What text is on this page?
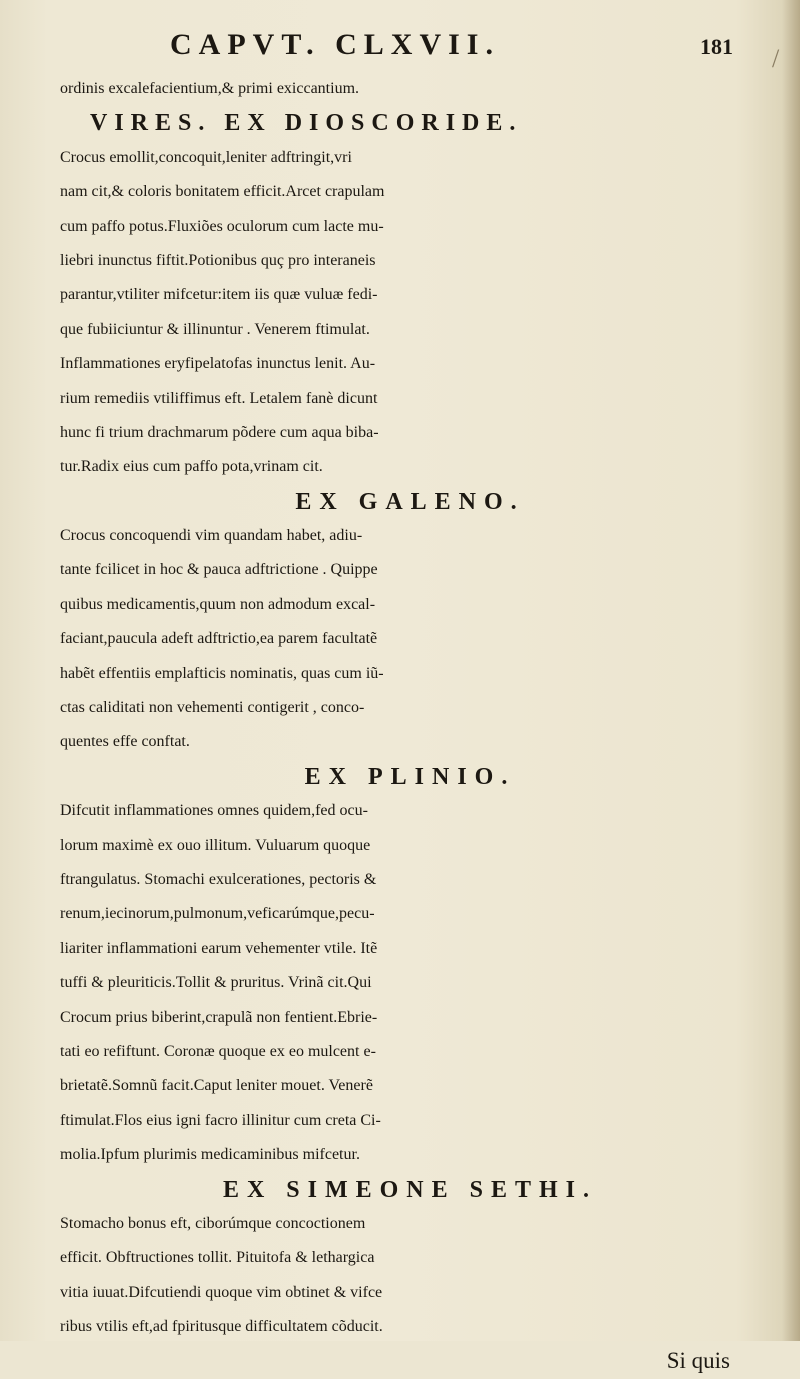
CAPVT. CLXVII.	181 /
ordinis excalefacientium,& primi exiccantium.
VIRES. EX DIOSCORIDE.
Crocus emollit,concoquit,leniter adftringit,vri
nam cit,& coloris bonitatem efficit.Arcet crapulam
cum paffo potus.Fluxiões oculorum cum lacte mu-
liebri inunctus fiftit.Potionibus quç pro interaneis
parantur,vtiliter mifcetur:item iis quæ vuluæ fedi-
que fubiiciuntur & illinuntur . Venerem ftimulat.
Inflammationes eryfipelatofas inunctus lenit. Au-
rium remediis vtiliffimus eft. Letalem fanè dicunt
hunc fi trium drachmarum põdere cum aqua biba-
tur.Radix eius cum paffo pota,vrinam cit.
EX GALENO.
Crocus concoquendi vim quandam habet, adiu-
tante fcilicet in hoc & pauca adftrictione . Quippe
quibus medicamentis,quum non admodum excal-
faciant,paucula adeft adftrictio,ea parem facultatẽ
habẽt effentiis emplafticis nominatis, quas cum iũ-
ctas caliditati non vehementi contigerit , conco-
quentes effe conftat.
EX PLINIO.
Difcutit inflammationes omnes quidem,fed ocu-
lorum maximè ex ouo illitum. Vuluarum quoque
ftrangulatus. Stomachi exulcerationes, pectoris &
renum,iecinorum,pulmonum,veficarúmque,pecu-
liariter inflammationi earum vehementer vtile. Itẽ
tuffi & pleuriticis.Tollit & pruritus. Vrinã cit.Qui
Crocum prius biberint,crapulã non fentient.Ebrie-
tati eo refiftunt. Coronæ quoque ex eo mulcent e-
brietatẽ.Somnũ facit.Caput leniter mouet. Venerẽ
ftimulat.Flos eius igni facro illinitur cum creta Ci-
molia.Ipfum plurimis medicaminibus mifcetur.
EX SIMEONE SETHI.
Stomacho bonus eft, ciborúmque concoctionem
efficit. Obftructiones tollit. Pituitofa & lethargica
vitia iuuat.Difcutiendi quoque vim obtinet & vifce
ribus vtilis eft,ad fpiritusque difficultatem cõducit.
Si quis
